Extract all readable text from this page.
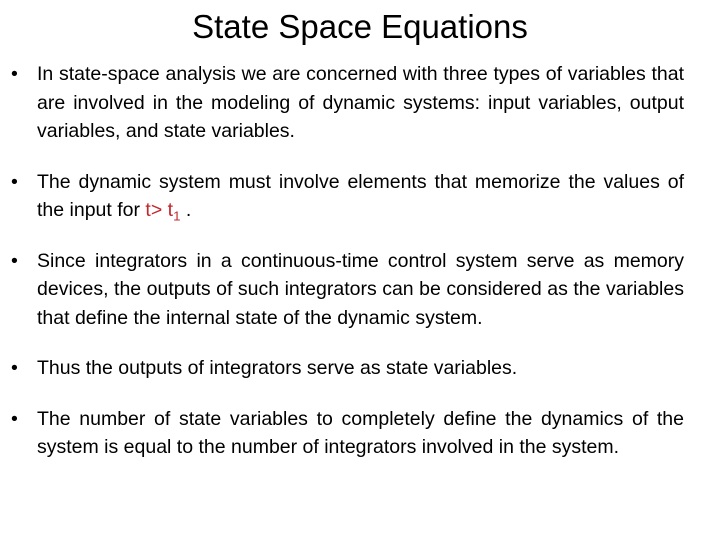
State Space Equations
• In state-space analysis we are concerned with three types of variables that are involved in the modeling of dynamic systems: input variables, output variables, and state variables.
• The dynamic system must involve elements that memorize the values of the input for $t> t_1$ .
• Since integrators in a continuous-time control system serve as memory devices, the outputs of such integrators can be considered as the variables that define the internal state of the dynamic system.
• Thus the outputs of integrators serve as state variables.
• The number of state variables to completely define the dynamics of the system is equal to the number of integrators involved in the system.
